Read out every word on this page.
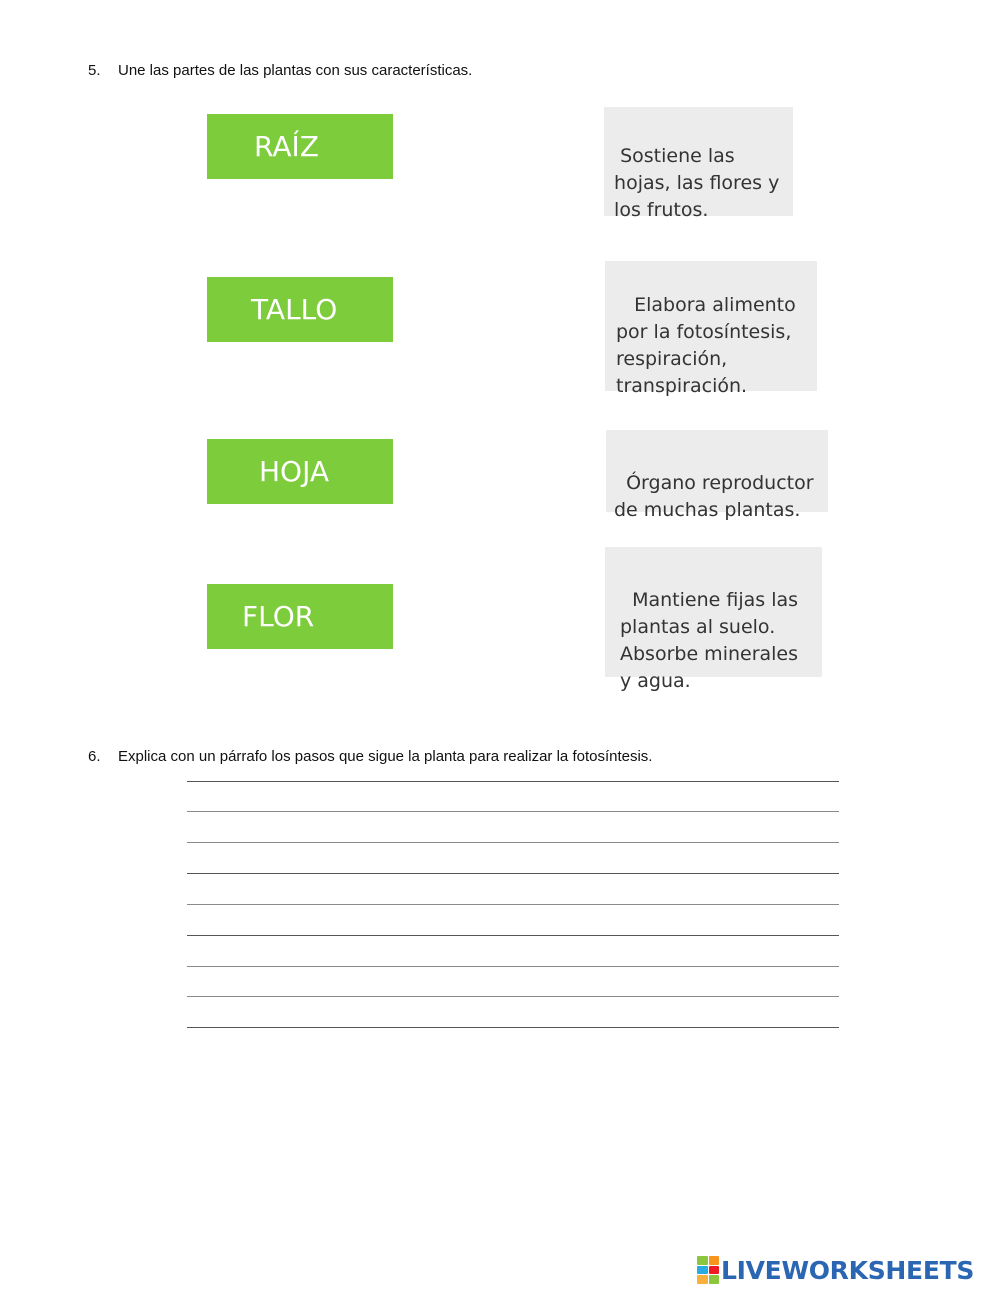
5. Une las partes de las plantas con sus características.
RAÍZ
TALLO
HOJA
FLOR

Sostiene las
hojas, las flores y
los frutos.

Elabora alimento
por la fotosíntesis,
respiración,
transpiración.

Órgano reproductor
de muchas plantas.

Mantiene fijas las
plantas al suelo.
Absorbe minerales
y agua.

6. Explica con un párrafo los pasos que sigue la planta para realizar la fotosíntesis.
LIVEWORKSHEETS
